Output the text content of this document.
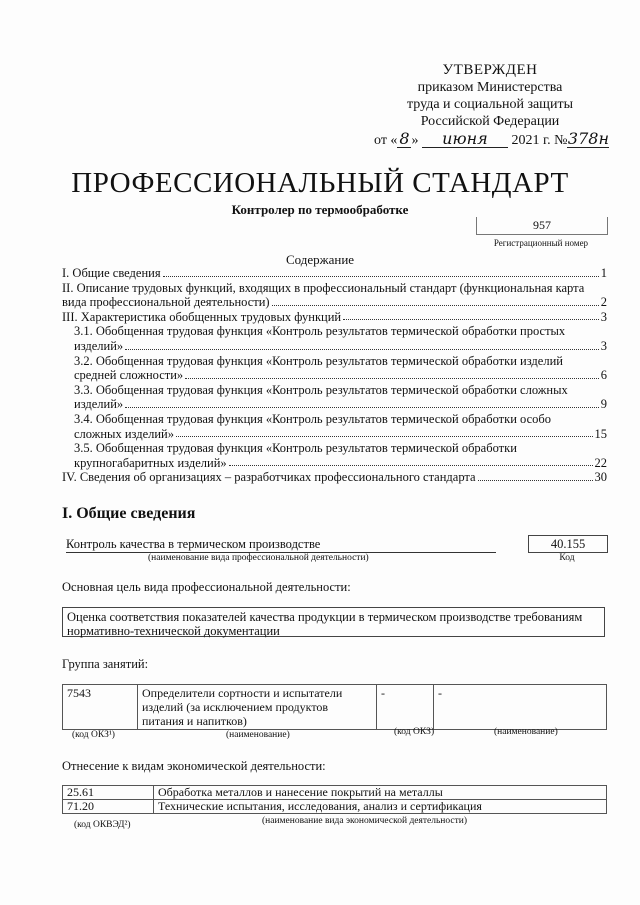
УТВЕРЖДЕН
приказом Министерства
труда и социальной защиты
Российской Федерации
от « 8 » июня 2021 г. №378н
ПРОФЕССИОНАЛЬНЫЙ СТАНДАРТ
Контролер по термообработке
957
Регистрационный номер
Содержание
I. Общие сведения	1
II. Описание трудовых функций, входящих в профессиональный стандарт (функциональная карта
вида профессиональной деятельности)	2
III. Характеристика обобщенных трудовых функций	3
3.1. Обобщенная трудовая функция «Контроль результатов термической обработки простых
изделий»	3
3.2. Обобщенная трудовая функция «Контроль результатов термической обработки изделий
средней сложности»	6
3.3. Обобщенная трудовая функция «Контроль результатов термической обработки сложных
изделий»	9
3.4. Обобщенная трудовая функция «Контроль результатов термической обработки особо
сложных изделий»	15
3.5. Обобщенная трудовая функция «Контроль результатов термической обработки
крупногабаритных изделий»	22
IV. Сведения об организациях – разработчиках профессионального стандарта	30
I. Общие сведения
Контроль качества в термическом производстве
(наименование вида профессиональной деятельности)
40.155
Код
Основная цель вида профессиональной деятельности:
Оценка соответствия показателей качества продукции в термическом производстве требованиям нормативно-технической документации
Группа занятий:
7543	Определители сортности и испытатели изделий (за исключением продуктов питания и напитков)	-	-
(код ОКЗ¹)	(наименование)	(код ОКЗ)	(наименование)
Отнесение к видам экономической деятельности:
25.61	Обработка металлов и нанесение покрытий на металлы
71.20	Технические испытания, исследования, анализ и сертификация
(код ОКВЭД²)	(наименование вида экономической деятельности)
